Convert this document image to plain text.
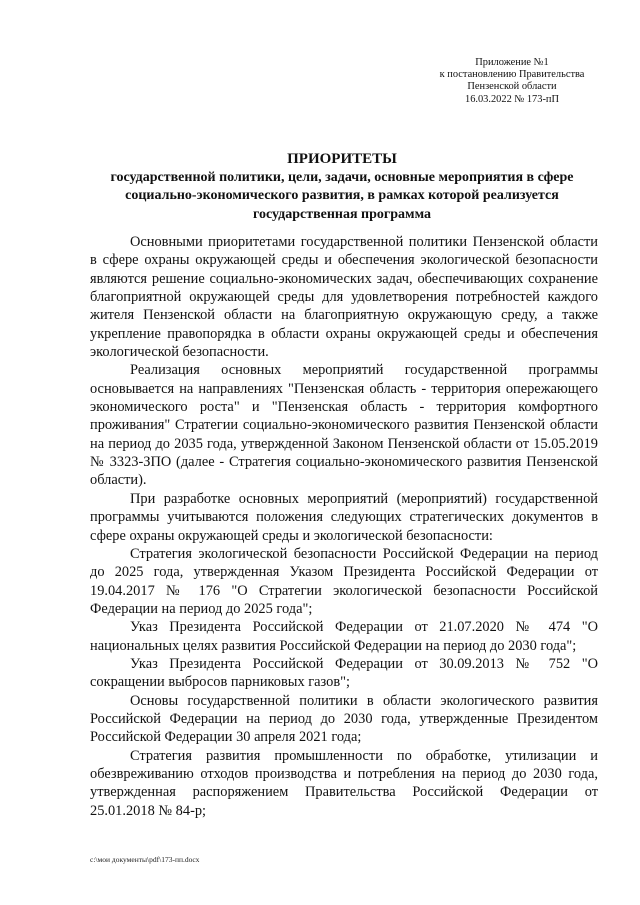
Приложение №1
к постановлению Правительства
Пензенской области
16.03.2022 № 173-пП
ПРИОРИТЕТЫ
государственной политики, цели, задачи, основные мероприятия в сфере социально-экономического развития, в рамках которой реализуется государственная программа

Основными приоритетами государственной политики Пензенской области в сфере охраны окружающей среды и обеспечения экологической безопасности являются решение социально-экономических задач, обеспечивающих сохранение благоприятной окружающей среды для удовлетворения потребностей каждого жителя Пензенской области на благоприятную окружающую среду, а также укрепление правопорядка в области охраны окружающей среды и обеспечения экологической безопасности.

Реализация основных мероприятий государственной программы основывается на направлениях "Пензенская область - территория опережающего экономического роста" и "Пензенская область - территория комфортного проживания" Стратегии социально-экономического развития Пензенской области на период до 2035 года, утвержденной Законом Пензенской области от 15.05.2019 № 3323-ЗПО (далее - Стратегия социально-экономического развития Пензенской области).

При разработке основных мероприятий (мероприятий) государственной программы учитываются положения следующих стратегических документов в сфере охраны окружающей среды и экологической безопасности:

Стратегия экологической безопасности Российской Федерации на период до 2025 года, утвержденная Указом Президента Российской Федерации от 19.04.2017 № 176 "О Стратегии экологической безопасности Российской Федерации на период до 2025 года";

Указ Президента Российской Федерации от 21.07.2020 № 474 "О национальных целях развития Российской Федерации на период до 2030 года";

Указ Президента Российской Федерации от 30.09.2013 № 752 "О сокращении выбросов парниковых газов";

Основы государственной политики в области экологического развития Российской Федерации на период до 2030 года, утвержденные Президентом Российской Федерации 30 апреля 2021 года;

Стратегия развития промышленности по обработке, утилизации и обезвреживанию отходов производства и потребления на период до 2030 года, утвержденная распоряжением Правительства Российской Федерации от 25.01.2018 № 84-р;

c:\мои документы\pdf\173-пп.docx
